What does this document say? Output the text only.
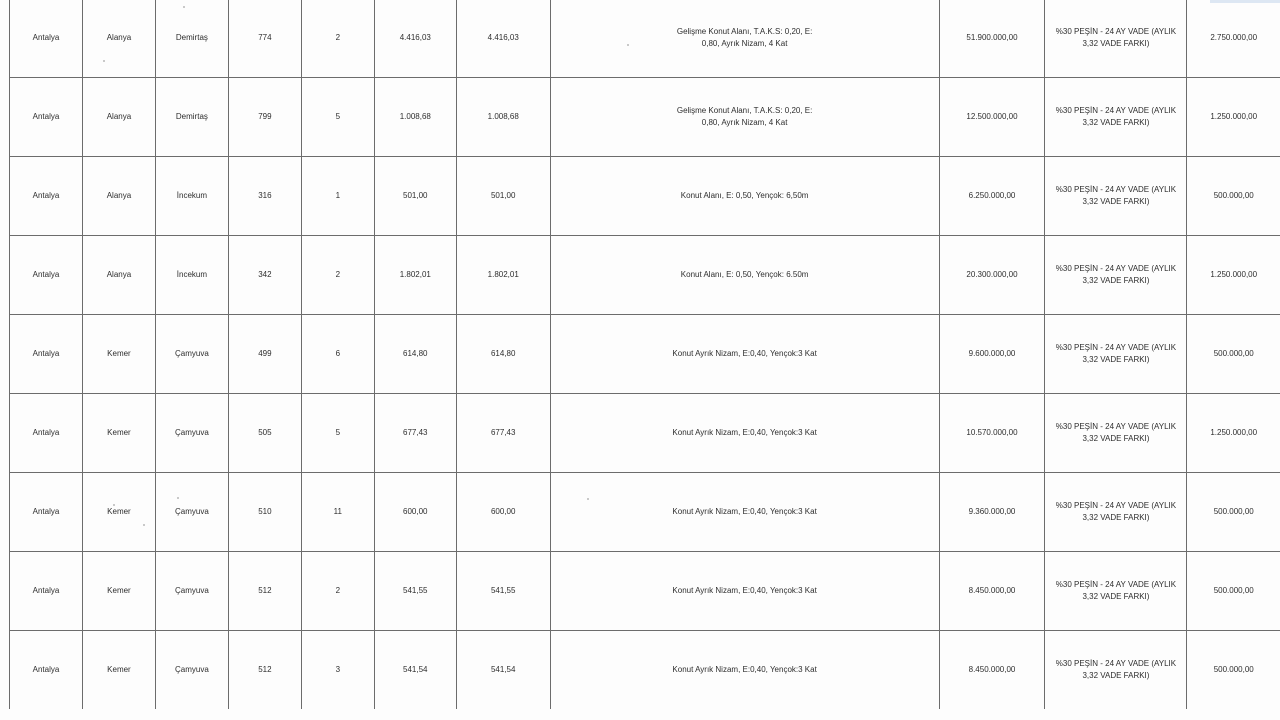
Antalya	Alanya	Demirtaş	774	2	4.416,03	4.416,03	Gelişme Konut Alanı, T.A.K.S: 0,20, E: 0,80, Ayrık Nizam, 4 Kat	51.900.000,00	%30 PEŞİN - 24 AY VADE (AYLIK 3,32 VADE FARKI)	2.750.000,00
Antalya	Alanya	Demirtaş	799	5	1.008,68	1.008,68	Gelişme Konut Alanı, T.A.K.S: 0,20, E: 0,80, Ayrık Nizam, 4 Kat	12.500.000,00	%30 PEŞİN - 24 AY VADE (AYLIK 3,32 VADE FARKI)	1.250.000,00
Antalya	Alanya	İncekum	316	1	501,00	501,00	Konut Alanı, E: 0,50, Yençok: 6,50m	6.250.000,00	%30 PEŞİN - 24 AY VADE (AYLIK 3,32 VADE FARKI)	500.000,00
Antalya	Alanya	İncekum	342	2	1.802,01	1.802,01	Konut Alanı, E: 0,50, Yençok: 6.50m	20.300.000,00	%30 PEŞİN - 24 AY VADE (AYLIK 3,32 VADE FARKI)	1.250.000,00
Antalya	Kemer	Çamyuva	499	6	614,80	614,80	Konut Ayrık Nizam, E:0,40, Yençok:3 Kat	9.600.000,00	%30 PEŞİN - 24 AY VADE (AYLIK 3,32 VADE FARKI)	500.000,00
Antalya	Kemer	Çamyuva	505	5	677,43	677,43	Konut Ayrık Nizam, E:0,40, Yençok:3 Kat	10.570.000,00	%30 PEŞİN - 24 AY VADE (AYLIK 3,32 VADE FARKI)	1.250.000,00
Antalya	Kemer	Çamyuva	510	11	600,00	600,00	Konut Ayrık Nizam, E:0,40, Yençok:3 Kat	9.360.000,00	%30 PEŞİN - 24 AY VADE (AYLIK 3,32 VADE FARKI)	500.000,00
Antalya	Kemer	Çamyuva	512	2	541,55	541,55	Konut Ayrık Nizam, E:0,40, Yençok:3 Kat	8.450.000,00	%30 PEŞİN - 24 AY VADE (AYLIK 3,32 VADE FARKI)	500.000,00
Antalya	Kemer	Çamyuva	512	3	541,54	541,54	Konut Ayrık Nizam, E:0,40, Yençok:3 Kat	8.450.000,00	%30 PEŞİN - 24 AY VADE (AYLIK 3,32 VADE FARKI)	500.000,00
